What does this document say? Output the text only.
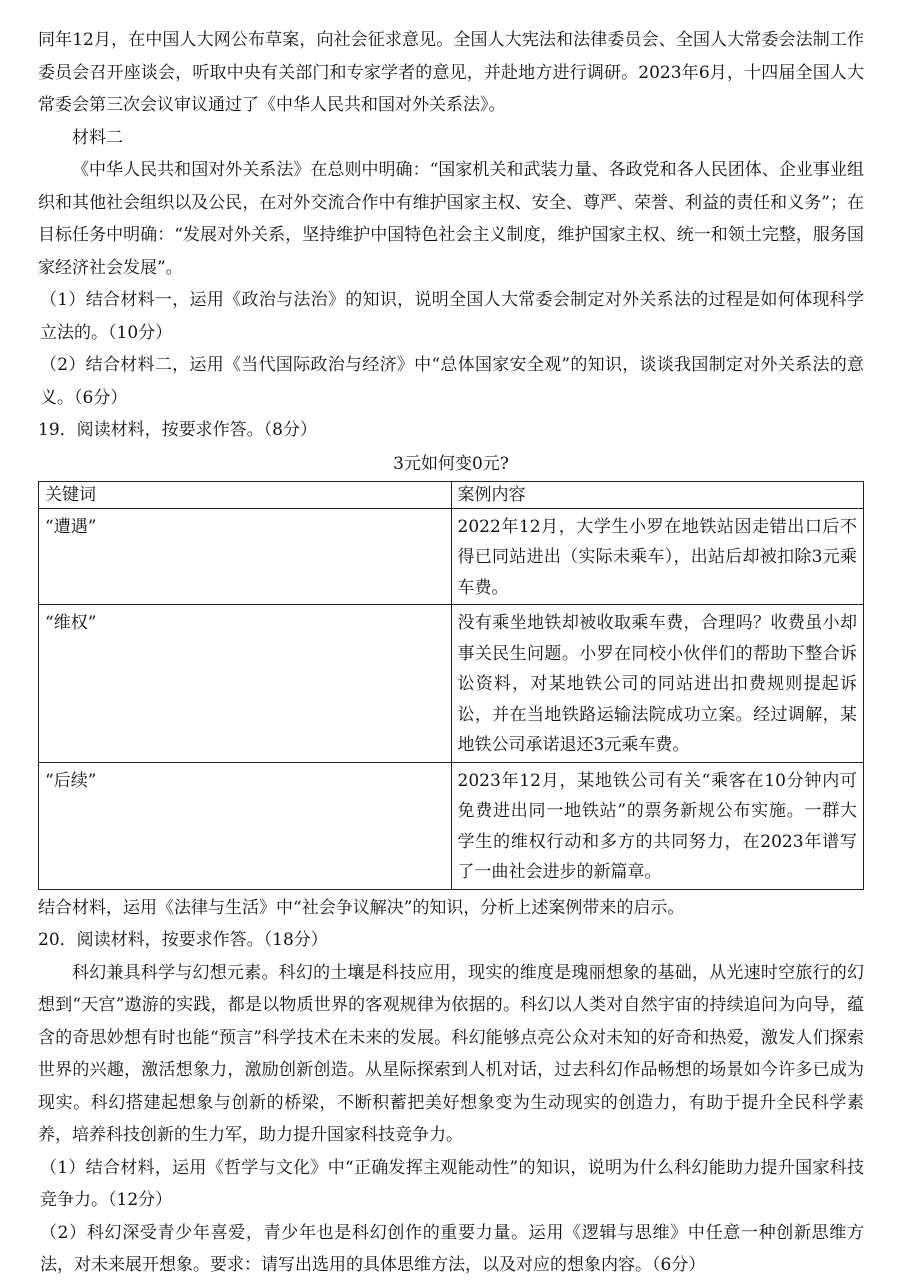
同年12月，在中国人大网公布草案，向社会征求意见。全国人大宪法和法律委员会、全国人大常委会法制工作委员会召开座谈会，听取中央有关部门和专家学者的意见，并赴地方进行调研。2023年6月，十四届全国人大常委会第三次会议审议通过了《中华人民共和国对外关系法》。

材料二

《中华人民共和国对外关系法》在总则中明确：“国家机关和武装力量、各政党和各人民团体、企业事业组织和其他社会组织以及公民，在对外交流合作中有维护国家主权、安全、尊严、荣誉、利益的责任和义务”；在目标任务中明确：“发展对外关系，坚持维护中国特色社会主义制度，维护国家主权、统一和领土完整，服务国家经济社会发展”。

（1）结合材料一，运用《政治与法治》的知识，说明全国人大常委会制定对外关系法的过程是如何体现科学立法的。（10分）

（2）结合材料二，运用《当代国际政治与经济》中“总体国家安全观”的知识，谈谈我国制定对外关系法的意义。（6分）

19．阅读材料，按要求作答。（8分）

3元如何变0元?

关键词	案例内容
“遭遇”	2022年12月，大学生小罗在地铁站因走错出口后不得已同站进出（实际未乘车），出站后却被扣除3元乘车费。
“维权”	没有乘坐地铁却被收取乘车费，合理吗？收费虽小却事关民生问题。小罗在同校小伙伴们的帮助下整合诉讼资料，对某地铁公司的同站进出扣费规则提起诉讼，并在当地铁路运输法院成功立案。经过调解，某地铁公司承诺退还3元乘车费。
“后续”	2023年12月，某地铁公司有关“乘客在10分钟内可免费进出同一地铁站”的票务新规公布实施。一群大学生的维权行动和多方的共同努力，在2023年谱写了一曲社会进步的新篇章。

结合材料，运用《法律与生活》中“社会争议解决”的知识，分析上述案例带来的启示。

20．阅读材料，按要求作答。（18分）

科幻兼具科学与幻想元素。科幻的土壤是科技应用，现实的维度是瑰丽想象的基础，从光速时空旅行的幻想到“天宫”遨游的实践，都是以物质世界的客观规律为依据的。科幻以人类对自然宇宙的持续追问为向导，蕴含的奇思妙想有时也能“预言”科学技术在未来的发展。科幻能够点亮公众对未知的好奇和热爱，激发人们探索世界的兴趣，激活想象力，激励创新创造。从星际探索到人机对话，过去科幻作品畅想的场景如今许多已成为现实。科幻搭建起想象与创新的桥梁，不断积蓄把美好想象变为生动现实的创造力，有助于提升全民科学素养，培养科技创新的生力军，助力提升国家科技竞争力。

（1）结合材料，运用《哲学与文化》中“正确发挥主观能动性”的知识，说明为什么科幻能助力提升国家科技竞争力。（12分）

（2）科幻深受青少年喜爱，青少年也是科幻创作的重要力量。运用《逻辑与思维》中任意一种创新思维方法，对未来展开想象。要求：请写出选用的具体思维方法，以及对应的想象内容。（6分）
